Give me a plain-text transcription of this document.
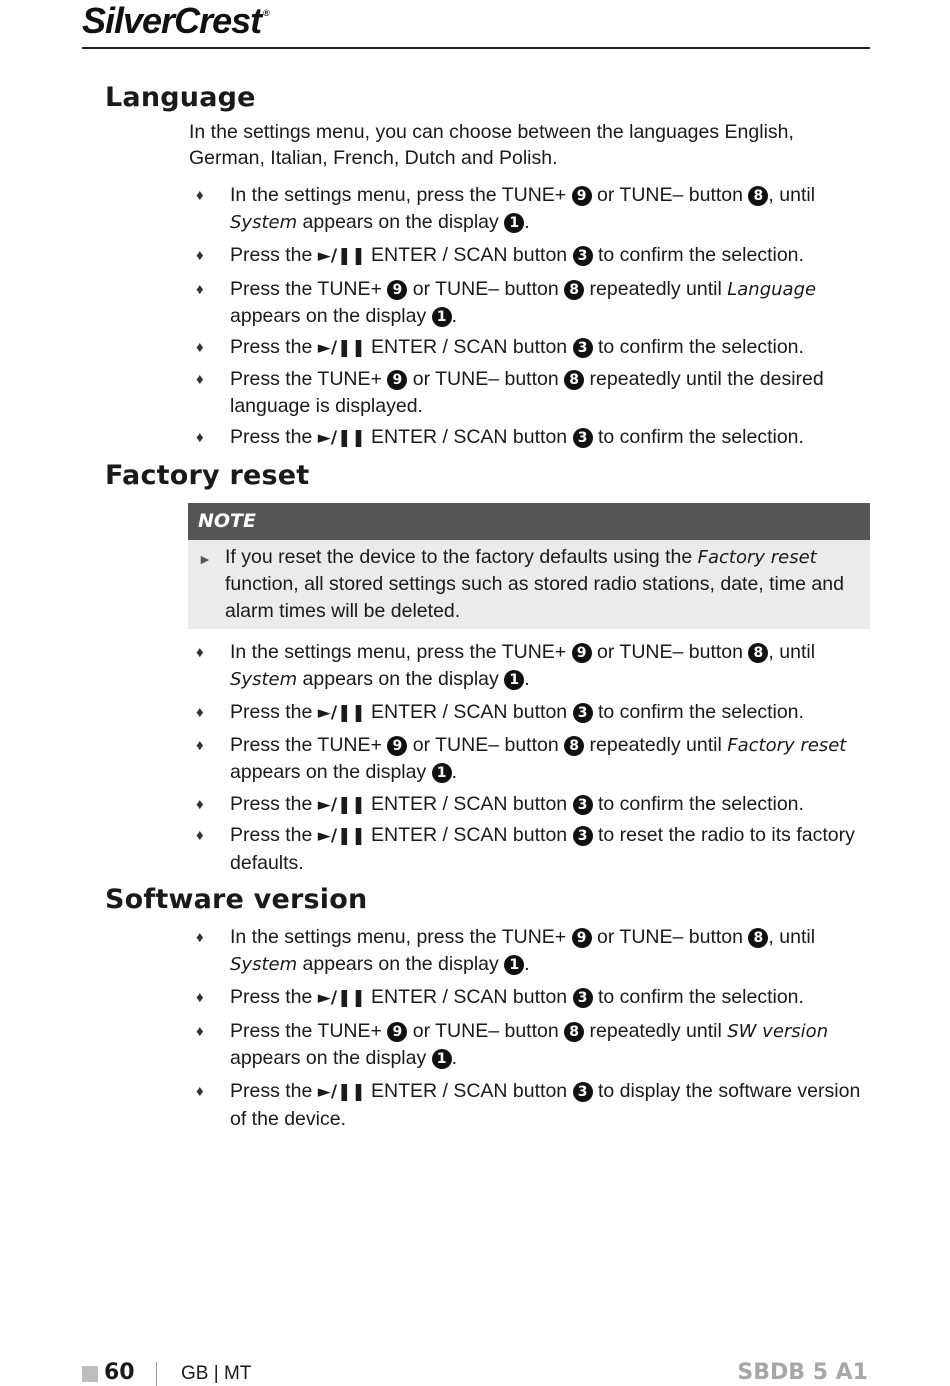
SilverCrest ®
Language
In the settings menu, you can choose between the languages English, German, Italian, French, Dutch and Polish.
♦	In the settings menu, press the TUNE+ 9 or TUNE– button 8 , until System appears on the display 1 .
♦	Press the ►/❚❚ ENTER / SCAN button 3 to confirm the selection.
♦	Press the TUNE+ 9 or TUNE– button 8 repeatedly until Language appears on the display 1 .
♦	Press the ►/❚❚ ENTER / SCAN button 3 to confirm the selection.
♦	Press the TUNE+ 9 or TUNE– button 8 repeatedly until the desired language is displayed.
♦	Press the ►/❚❚ ENTER / SCAN button 3 to confirm the selection.
Factory reset
NOTE
► If you reset the device to the factory defaults using the Factory reset function, all stored settings such as stored radio stations, date, time and alarm times will be deleted.
♦	In the settings menu, press the TUNE+ 9 or TUNE– button 8 , until System appears on the display 1 .
♦	Press the ►/❚❚ ENTER / SCAN button 3 to confirm the selection.
♦	Press the TUNE+ 9 or TUNE– button 8 repeatedly until Factory reset appears on the display 1 .
♦	Press the ►/❚❚ ENTER / SCAN button 3 to confirm the selection.
♦	Press the ►/❚❚ ENTER / SCAN button 3 to reset the radio to its factory defaults.
Software version
♦	In the settings menu, press the TUNE+ 9 or TUNE– button 8 , until System appears on the display 1 .
♦	Press the ►/❚❚ ENTER / SCAN button 3 to confirm the selection.
♦	Press the TUNE+ 9 or TUNE– button 8 repeatedly until SW version appears on the display 1 .
♦	Press the ►/❚❚ ENTER / SCAN button 3 to display the software version of the device.
60 GB | MT	SBDB 5 A1
